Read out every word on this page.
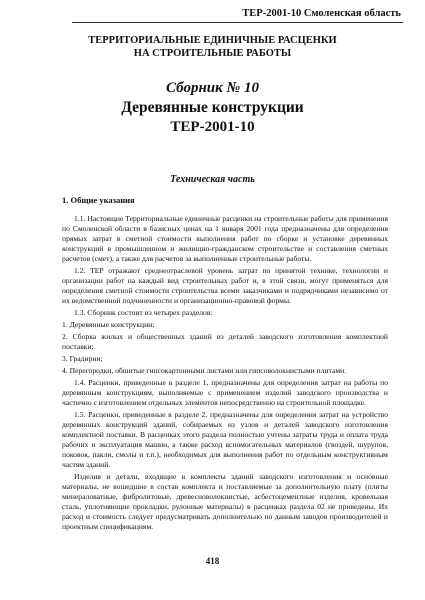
ТЕР-2001-10 Смоленская область
ТЕРРИТОРИАЛЬНЫЕ ЕДИНИЧНЫЕ РАСЦЕНКИ
НА СТРОИТЕЛЬНЫЕ РАБОТЫ
Сборник № 10
Деревянные конструкции
ТЕР-2001-10
Техническая часть
1. Общие указания

1.1. Настоящие Территориальные единичные расценки на строительные работы для применения по Смоленской области в базисных ценах на 1 января 2001 года предназначены для определения прямых затрат в сметной стоимости выполнения работ по сборке и установке деревянных конструкций в промышленном и жилищно-гражданском строительстве и составления сметных расчетов (смет), а также для расчетов за выполненные строительные работы.

1.2. ТЕР отражают среднеотраслевой уровень затрат по принятой технике, технологии и организации работ на каждый вид строительных работ и, в этой связи, могут применяться для определения сметной стоимости строительства всеми заказчиками и подрядчиками независимо от их ведомственной подчиненности и организационно-правовой формы.

1.3. Сборник состоит из четырех разделов:

1. Деревянные конструкции;

2. Сборка жилых и общественных зданий из деталей заводского изготовления комплектной поставки;

3. Градирни;

4. Перегородки, обшитые гипсокартонными листами или гипсоволокнистыми плитами.

1.4. Расценки, приведенные в разделе 1, предназначены для определения затрат на работы по деревянным конструкциям, выполняемые с применением изделий заводского производства и частично с изготовлением отдельных элементов непосредственно на строительной площадке.

1.5. Расценки, приведенные в разделе 2, предназначены для определения затрат на устройство деревянных конструкций зданий, собираемых из узлов и деталей заводского изготовления комплектной поставки. В расценках этого раздела полностью учтены затраты труда и оплата труда рабочих и эксплуатация машин, а также расход вспомогательных материалов (гвоздей, шурупов, поковок, пакли, смолы и т.п.), необходимых для выполнения работ по отдельным конструктивным частям зданий.

Изделия и детали, входящие в комплекты зданий заводского изготовления и основные материалы, не вошедшие в состав комплекта и поставляемые за дополнительную плату (плиты минераловатные, фибролитовые, древесноволокнистые, асбестоцементные изделия, кровельная сталь, уплотняющие прокладки, рулонные материалы) в расценках раздела 02 не приведены. Их расход и стоимость следует предусматривать дополнительно по данным заводов производителей и проектным спецификациям.

418
